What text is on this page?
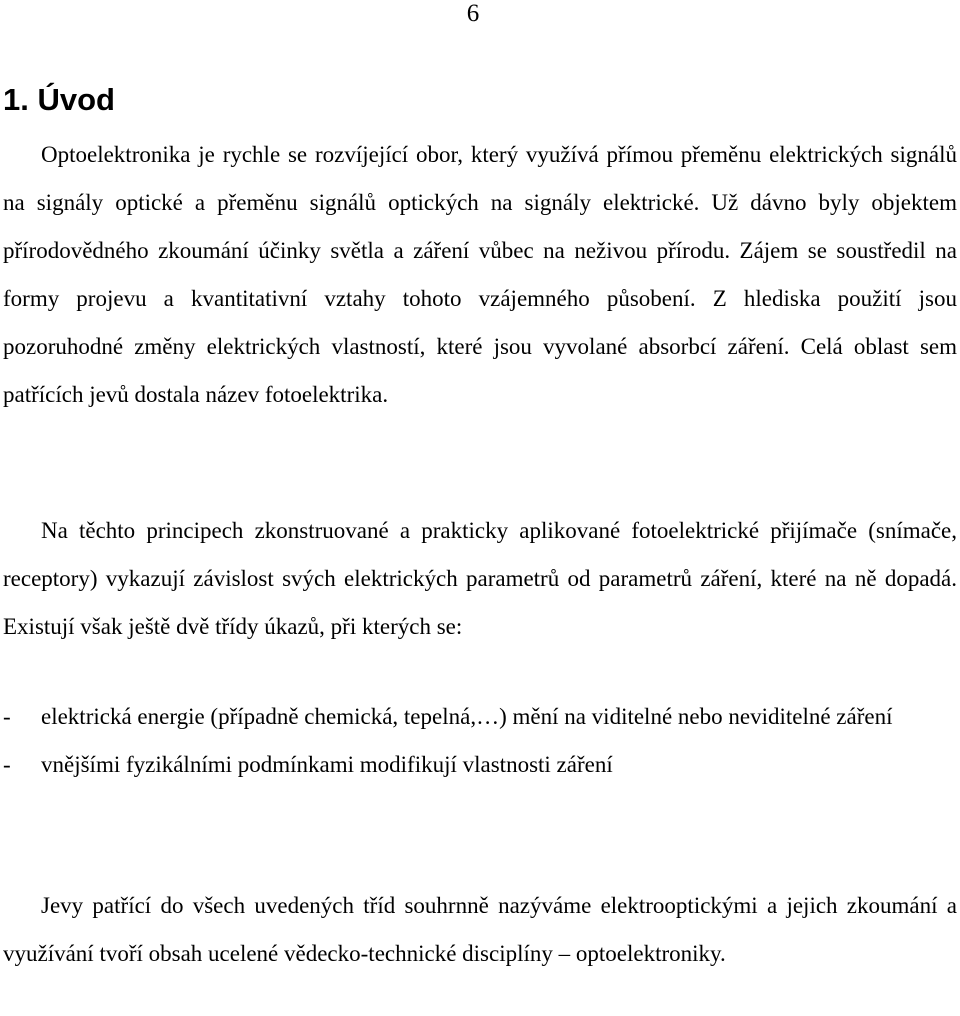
6
1. Úvod

Optoelektronika je rychle se rozvíjející obor, který využívá přímou přeměnu elektrických signálů na signály optické a přeměnu signálů optických na signály elektrické. Už dávno byly objektem přírodovědného zkoumání účinky světla a záření vůbec na neživou přírodu. Zájem se soustředil na formy projevu a kvantitativní vztahy tohoto vzájemného působení. Z hlediska použití jsou pozoruhodné změny elektrických vlastností, které jsou vyvolané absorbcí záření. Celá oblast sem patřících jevů dostala název fotoelektrika.

Na těchto principech zkonstruované a prakticky aplikované fotoelektrické přijímače (snímače, receptory) vykazují závislost svých elektrických parametrů od parametrů záření, které na ně dopadá. Existují však ještě dvě třídy úkazů, při kterých se:

- elektrická energie (případně chemická, tepelná,…) mění na viditelné nebo neviditelné záření
- vnějšími fyzikálními podmínkami modifikují vlastnosti záření

Jevy patřící do všech uvedených tříd souhrnně nazýváme elektrooptickými a jejich zkoumání a využívání tvoří obsah ucelené vědecko-technické disciplíny – optoelektroniky.
